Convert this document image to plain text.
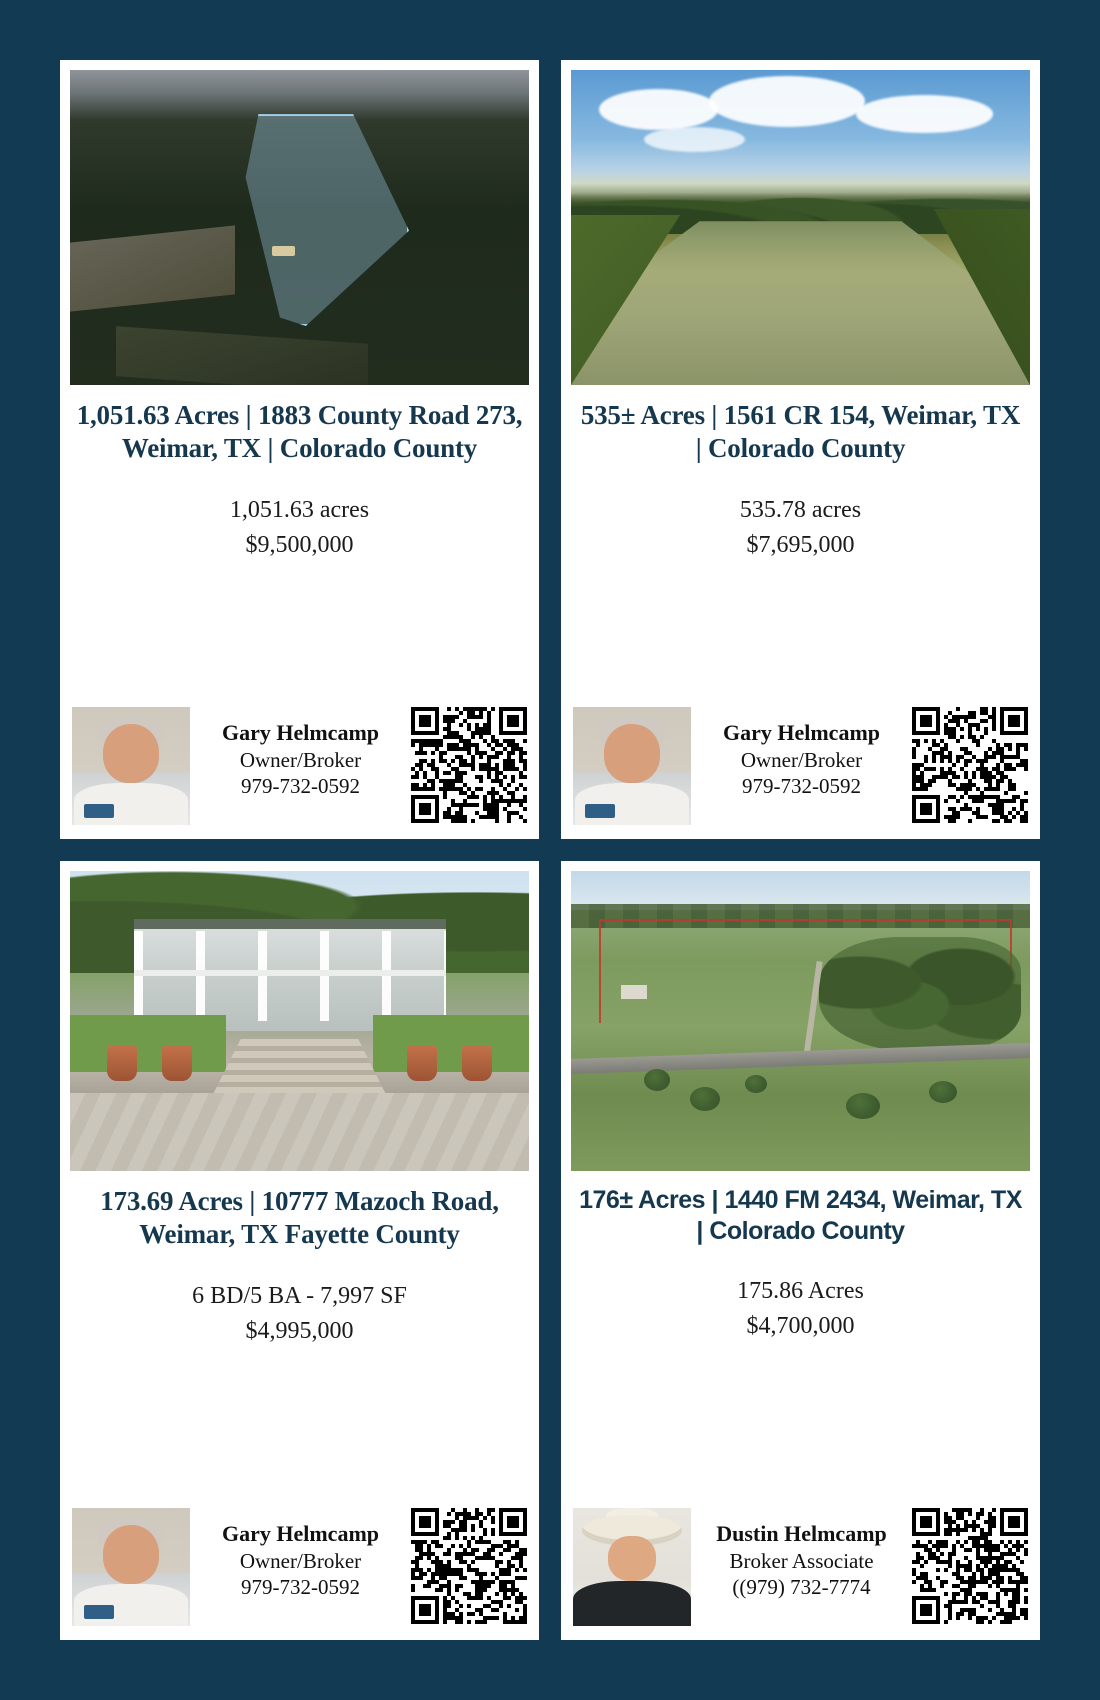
1,051.63 Acres | 1883 County Road 273, Weimar, TX | Colorado County
1,051.63 acres
$9,500,000
Gary Helmcamp
Owner/Broker
979-732-0592
535± Acres | 1561 CR 154, Weimar, TX | Colorado County
535.78 acres
$7,695,000
Gary Helmcamp
Owner/Broker
979-732-0592
173.69 Acres | 10777 Mazoch Road, Weimar, TX Fayette County
6 BD/5 BA - 7,997 SF
$4,995,000
Gary Helmcamp
Owner/Broker
979-732-0592
176± Acres | 1440 FM 2434, Weimar, TX | Colorado County
175.86 Acres
$4,700,000
Dustin Helmcamp
Broker Associate
((979) 732-7774
